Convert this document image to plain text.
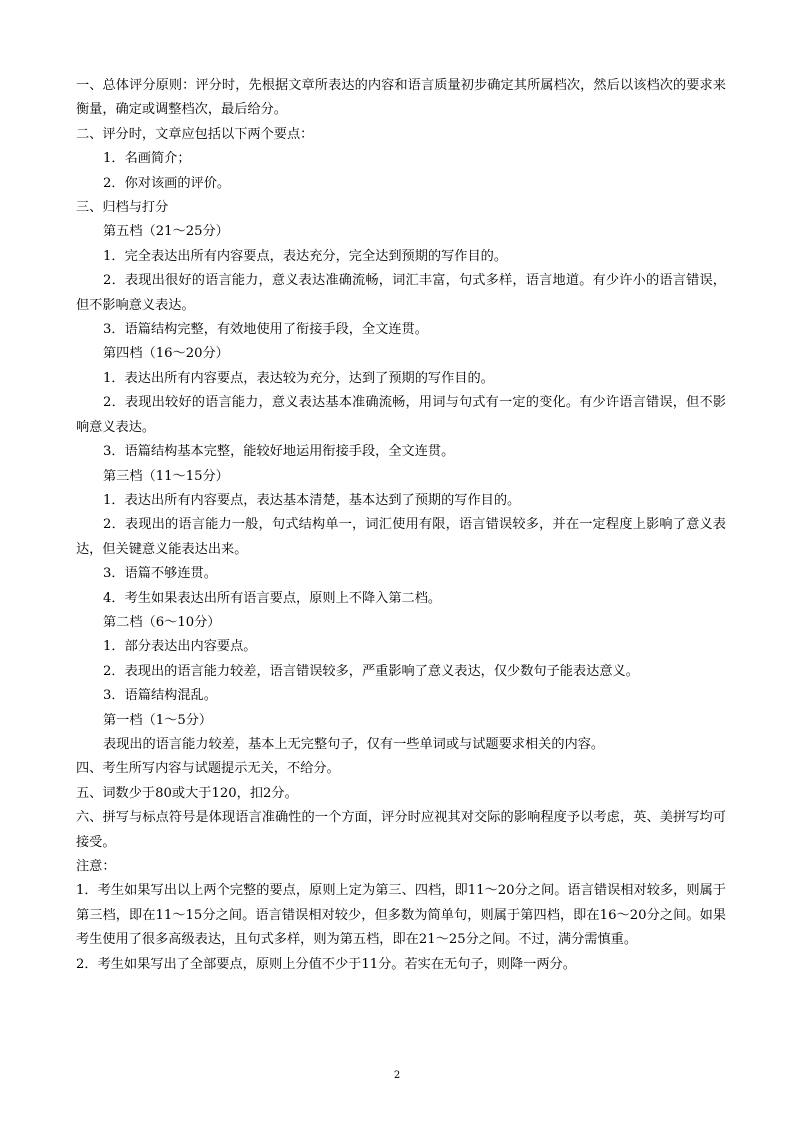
一、总体评分原则：评分时，先根据文章所表达的内容和语言质量初步确定其所属档次，然后以该档次的要求来衡量，确定或调整档次，最后给分。

二、评分时，文章应包括以下两个要点：

1．名画简介；

2．你对该画的评价。

三、归档与打分

第五档（21～25分）

1．完全表达出所有内容要点，表达充分，完全达到预期的写作目的。

2．表现出很好的语言能力，意义表达准确流畅，词汇丰富，句式多样，语言地道。有少许小的语言错误，但不影响意义表达。

3．语篇结构完整，有效地使用了衔接手段，全文连贯。

第四档（16～20分）

1．表达出所有内容要点，表达较为充分，达到了预期的写作目的。

2．表现出较好的语言能力，意义表达基本准确流畅，用词与句式有一定的变化。有少许语言错误，但不影响意义表达。

3．语篇结构基本完整，能较好地运用衔接手段，全文连贯。

第三档（11～15分）

1．表达出所有内容要点，表达基本清楚，基本达到了预期的写作目的。

2．表现出的语言能力一般，句式结构单一，词汇使用有限，语言错误较多，并在一定程度上影响了意义表达，但关键意义能表达出来。

3．语篇不够连贯。

4．考生如果表达出所有语言要点，原则上不降入第二档。

第二档（6～10分）

1．部分表达出内容要点。

2．表现出的语言能力较差，语言错误较多，严重影响了意义表达，仅少数句子能表达意义。

3．语篇结构混乱。

第一档（1～5分）

表现出的语言能力较差，基本上无完整句子，仅有一些单词或与试题要求相关的内容。

四、考生所写内容与试题提示无关，不给分。

五、词数少于80或大于120，扣2分。

六、拼写与标点符号是体现语言准确性的一个方面，评分时应视其对交际的影响程度予以考虑，英、美拼写均可接受。

注意：

1．考生如果写出以上两个完整的要点，原则上定为第三、四档，即11～20分之间。语言错误相对较多，则属于第三档，即在11～15分之间。语言错误相对较少，但多数为简单句，则属于第四档，即在16～20分之间。如果考生使用了很多高级表达，且句式多样，则为第五档，即在21～25分之间。不过，满分需慎重。

2．考生如果写出了全部要点，原则上分值不少于11分。若实在无句子，则降一两分。

2
